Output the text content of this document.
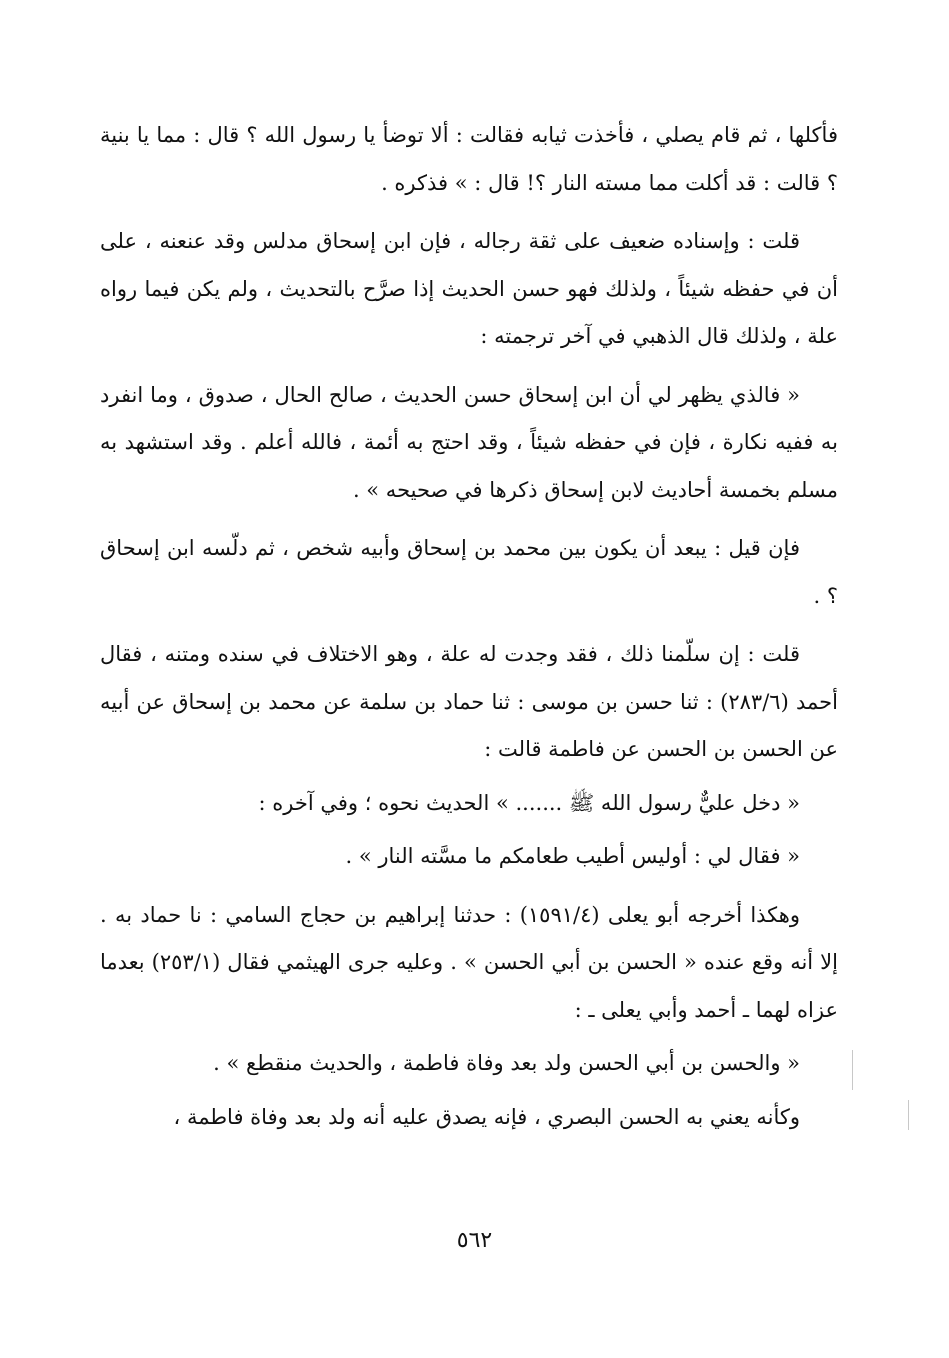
فأكلها ، ثم قام يصلي ، فأخذت ثيابه فقالت : ألا توضأ يا رسول الله ؟ قال : مما يا بنية ؟ قالت : قد أكلت مما مسته النار ؟! قال : » فذكره .

قلت : وإسناده ضعيف على ثقة رجاله ، فإن ابن إسحاق مدلس وقد عنعنه ، على أن في حفظه شيئاً ، ولذلك فهو حسن الحديث إذا صرَّح بالتحديث ، ولم يكن فيما رواه علة ، ولذلك قال الذهبي في آخر ترجمته :

« فالذي يظهر لي أن ابن إسحاق حسن الحديث ، صالح الحال ، صدوق ، وما انفرد به ففيه نكارة ، فإن في حفظه شيئاً ، وقد احتج به أئمة ، فالله أعلم . وقد استشهد به مسلم بخمسة أحاديث لابن إسحاق ذكرها في صحيحه » .

فإن قيل : يبعد أن يكون بين محمد بن إسحاق وأبيه شخص ، ثم دلّسه ابن إسحاق ؟ .

قلت : إن سلّمنا ذلك ، فقد وجدت له علة ، وهو الاختلاف في سنده ومتنه ، فقال أحمد (٢٨٣/٦) : ثنا حسن بن موسى : ثنا حماد بن سلمة عن محمد بن إسحاق عن أبيه عن الحسن بن الحسن عن فاطمة قالت :

« دخل عليٌّ رسول الله ﷺ ....... » الحديث نحوه ؛ وفي آخره :

« فقال لي : أوليس أطيب طعامكم ما مسَّته النار » .

وهكذا أخرجه أبو يعلى (١٥٩١/٤) : حدثنا إبراهيم بن حجاج السامي : نا حماد به . إلا أنه وقع عنده « الحسن بن أبي الحسن » . وعليه جرى الهيثمي فقال (٢٥٣/١) بعدما عزاه لهما ـ أحمد وأبي يعلى ـ :

« والحسن بن أبي الحسن ولد بعد وفاة فاطمة ، والحديث منقطع » .

وكأنه يعني به الحسن البصري ، فإنه يصدق عليه أنه ولد بعد وفاة فاطمة ،

٥٦٢
